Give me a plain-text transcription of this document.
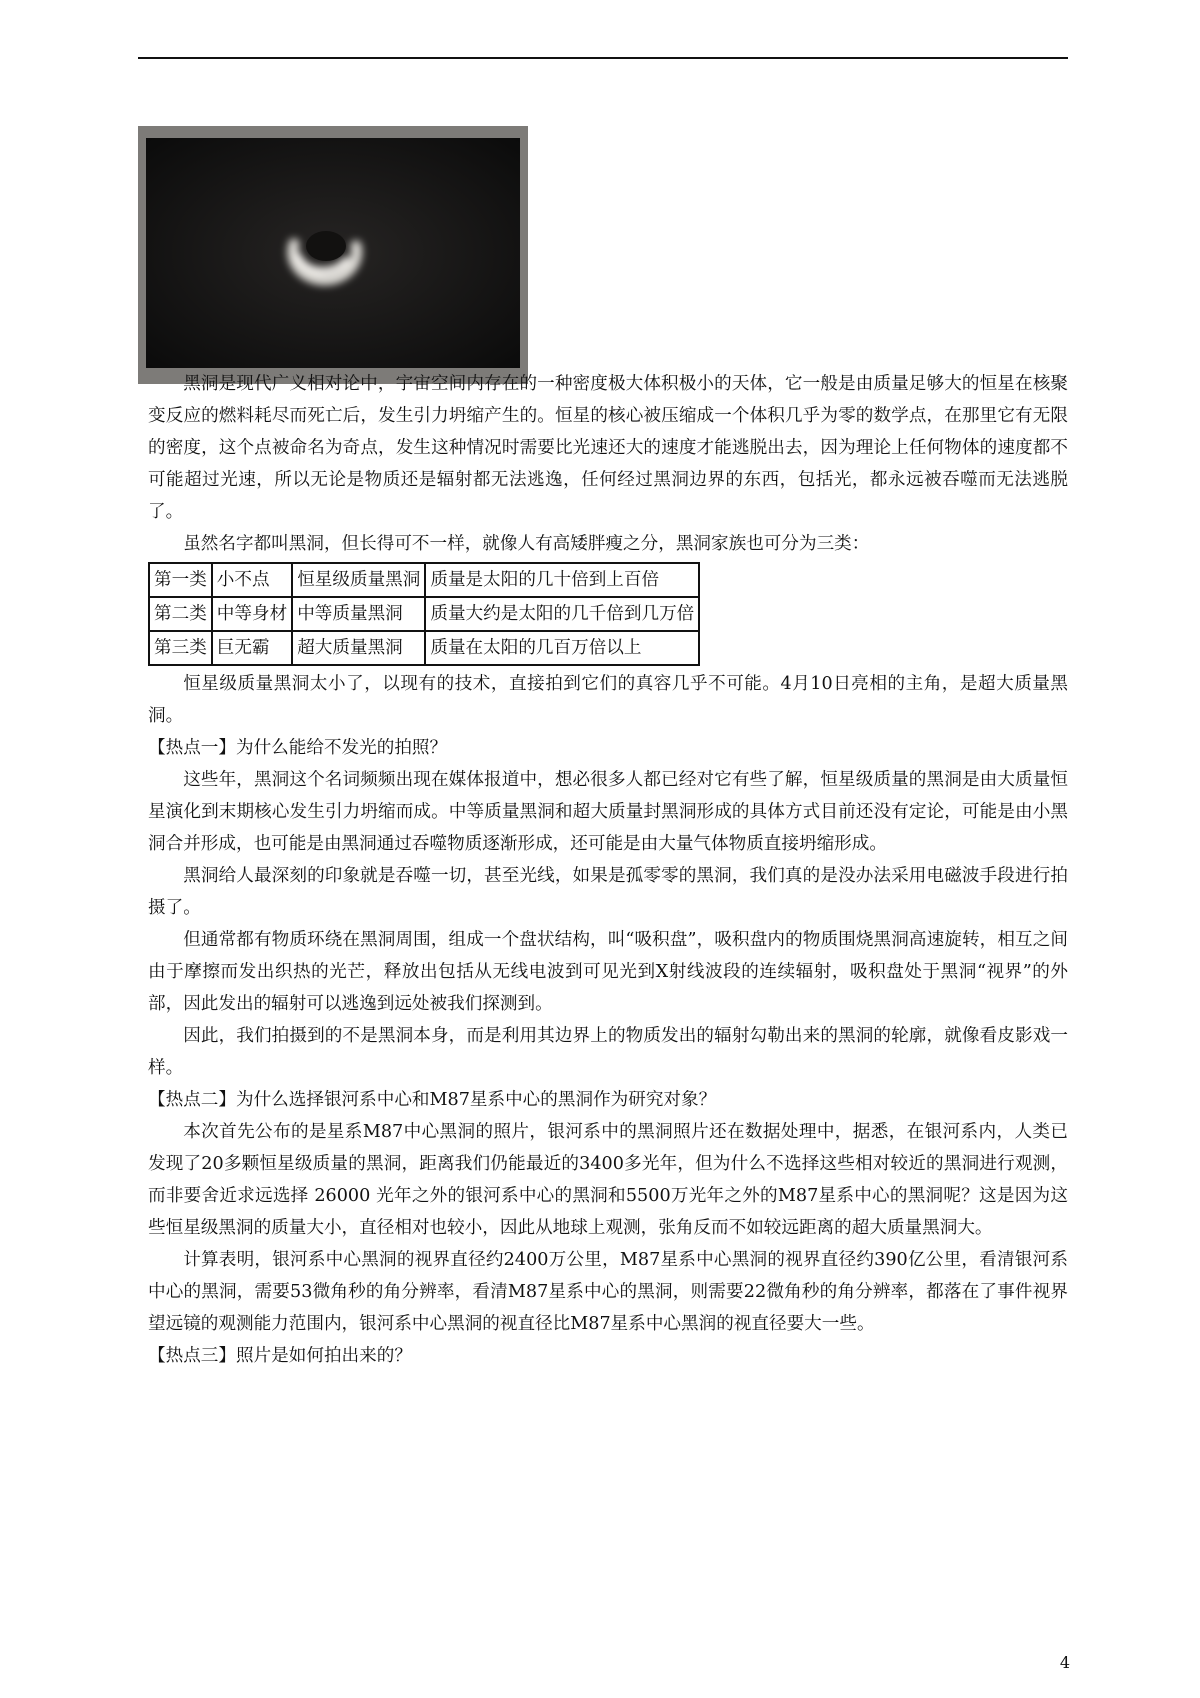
黑洞是现代广义相对论中，宇宙空间内存在的一种密度极大体积极小的天体，它一般是由质量足够大的恒星在核聚变反应的燃料耗尽而死亡后，发生引力坍缩产生的。恒星的核心被压缩成一个体积几乎为零的数学点，在那里它有无限的密度，这个点被命名为奇点，发生这种情况时需要比光速还大的速度才能逃脱出去，因为理论上任何物体的速度都不可能超过光速，所以无论是物质还是辐射都无法逃逸，任何经过黑洞边界的东西，包括光，都永远被吞噬而无法逃脱了。

虽然名字都叫黑洞，但长得可不一样，就像人有高矮胖瘦之分，黑洞家族也可分为三类：

第一类	小不点	恒星级质量黑洞	质量是太阳的几十倍到上百倍
第二类	中等身材	中等质量黑洞	质量大约是太阳的几千倍到几万倍
第三类	巨无霸	超大质量黑洞	质量在太阳的几百万倍以上

恒星级质量黑洞太小了，以现有的技术，直接拍到它们的真容几乎不可能。4月10日亮相的主角，是超大质量黑洞。

【热点一】为什么能给不发光的拍照？

这些年，黑洞这个名词频频出现在媒体报道中，想必很多人都已经对它有些了解，恒星级质量的黑洞是由大质量恒星演化到末期核心发生引力坍缩而成。中等质量黑洞和超大质量封黑洞形成的具体方式目前还没有定论，可能是由小黑洞合并形成，也可能是由黑洞通过吞噬物质逐渐形成，还可能是由大量气体物质直接坍缩形成。

黑洞给人最深刻的印象就是吞噬一切，甚至光线，如果是孤零零的黑洞，我们真的是没办法采用电磁波手段进行拍摄了。

但通常都有物质环绕在黑洞周围，组成一个盘状结构，叫“吸积盘”，吸积盘内的物质围烧黑洞高速旋转，相互之间由于摩擦而发出织热的光芒，释放出包括从无线电波到可见光到X射线波段的连续辐射，吸积盘处于黑洞“视界”的外部，因此发出的辐射可以逃逸到远处被我们探测到。

因此，我们拍摄到的不是黑洞本身，而是利用其边界上的物质发出的辐射勾勒出来的黑洞的轮廓，就像看皮影戏一样。

【热点二】为什么选择银河系中心和M87星系中心的黑洞作为研究对象？

本次首先公布的是星系M87中心黑洞的照片，银河系中的黑洞照片还在数据处理中，据悉，在银河系内，人类已发现了20多颗恒星级质量的黑洞，距离我们仍能最近的3400多光年，但为什么不选择这些相对较近的黑洞进行观测，而非要舍近求远选择 26000 光年之外的银河系中心的黑洞和5500万光年之外的M87星系中心的黑洞呢？这是因为这些恒星级黑洞的质量大小，直径相对也较小，因此从地球上观测，张角反而不如较远距离的超大质量黑洞大。

计算表明，银河系中心黑洞的视界直径约2400万公里，M87星系中心黑洞的视界直径约390亿公里，看清银河系中心的黑洞，需要53微角秒的角分辨率，看清M87星系中心的黑洞，则需要22微角秒的角分辨率，都落在了事件视界望远镜的观测能力范围内，银河系中心黑洞的视直径比M87星系中心黑润的视直径要大一些。

【热点三】照片是如何拍出来的？

4
